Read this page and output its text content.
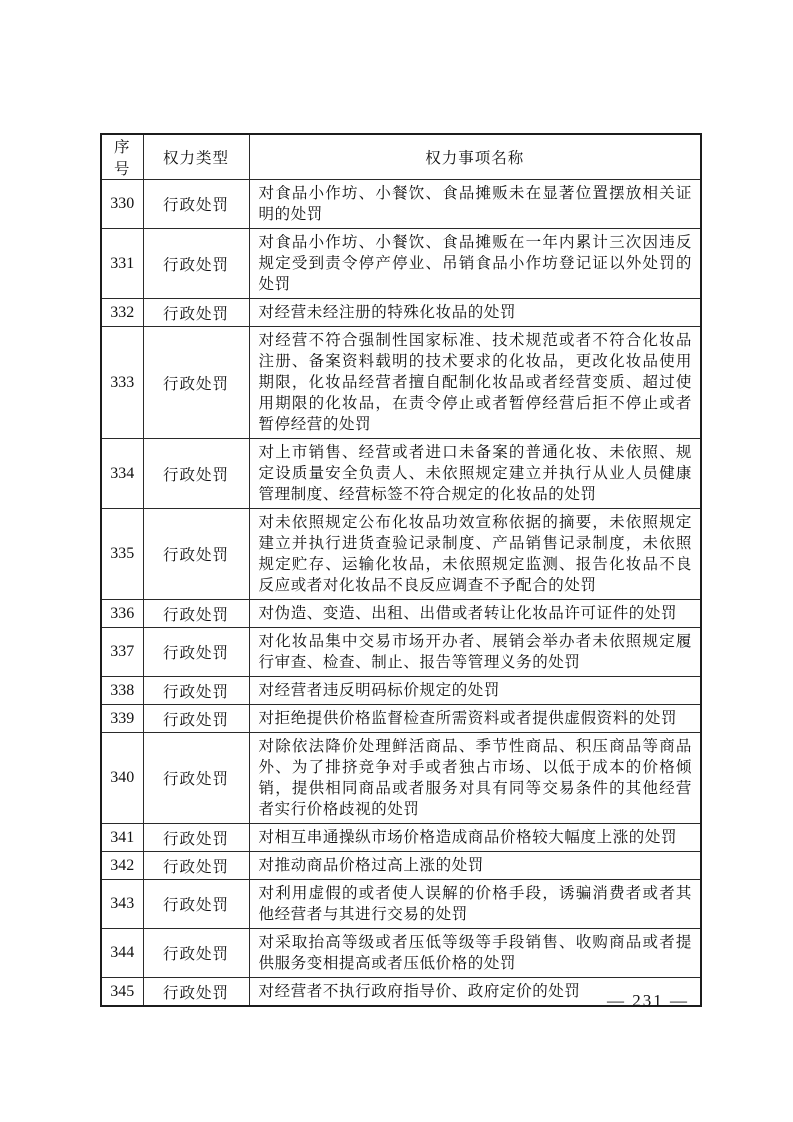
序号	权力类型	权力事项名称
330	行政处罚	对食品小作坊、小餐饮、食品摊贩未在显著位置摆放相关证明的处罚
331	行政处罚	对食品小作坊、小餐饮、食品摊贩在一年内累计三次因违反规定受到责令停产停业、吊销食品小作坊登记证以外处罚的处罚
332	行政处罚	对经营未经注册的特殊化妆品的处罚
333	行政处罚	对经营不符合强制性国家标准、技术规范或者不符合化妆品注册、备案资料载明的技术要求的化妆品，更改化妆品使用期限，化妆品经营者擅自配制化妆品或者经营变质、超过使用期限的化妆品，在责令停止或者暂停经营后拒不停止或者暂停经营的处罚
334	行政处罚	对上市销售、经营或者进口未备案的普通化妆、未依照、规定设质量安全负责人、未依照规定建立并执行从业人员健康管理制度、经营标签不符合规定的化妆品的处罚
335	行政处罚	对未依照规定公布化妆品功效宣称依据的摘要，未依照规定建立并执行进货查验记录制度、产品销售记录制度，未依照规定贮存、运输化妆品，未依照规定监测、报告化妆品不良反应或者对化妆品不良反应调查不予配合的处罚
336	行政处罚	对伪造、变造、出租、出借或者转让化妆品许可证件的处罚
337	行政处罚	对化妆品集中交易市场开办者、展销会举办者未依照规定履行审查、检查、制止、报告等管理义务的处罚
338	行政处罚	对经营者违反明码标价规定的处罚
339	行政处罚	对拒绝提供价格监督检查所需资料或者提供虚假资料的处罚
340	行政处罚	对除依法降价处理鲜活商品、季节性商品、积压商品等商品外、为了排挤竞争对手或者独占市场、以低于成本的价格倾销，提供相同商品或者服务对具有同等交易条件的其他经营者实行价格歧视的处罚
341	行政处罚	对相互串通操纵市场价格造成商品价格较大幅度上涨的处罚
342	行政处罚	对推动商品价格过高上涨的处罚
343	行政处罚	对利用虚假的或者使人误解的价格手段，诱骗消费者或者其他经营者与其进行交易的处罚
344	行政处罚	对采取抬高等级或者压低等级等手段销售、收购商品或者提供服务变相提高或者压低价格的处罚
345	行政处罚	对经营者不执行政府指导价、政府定价的处罚 — 231 —
